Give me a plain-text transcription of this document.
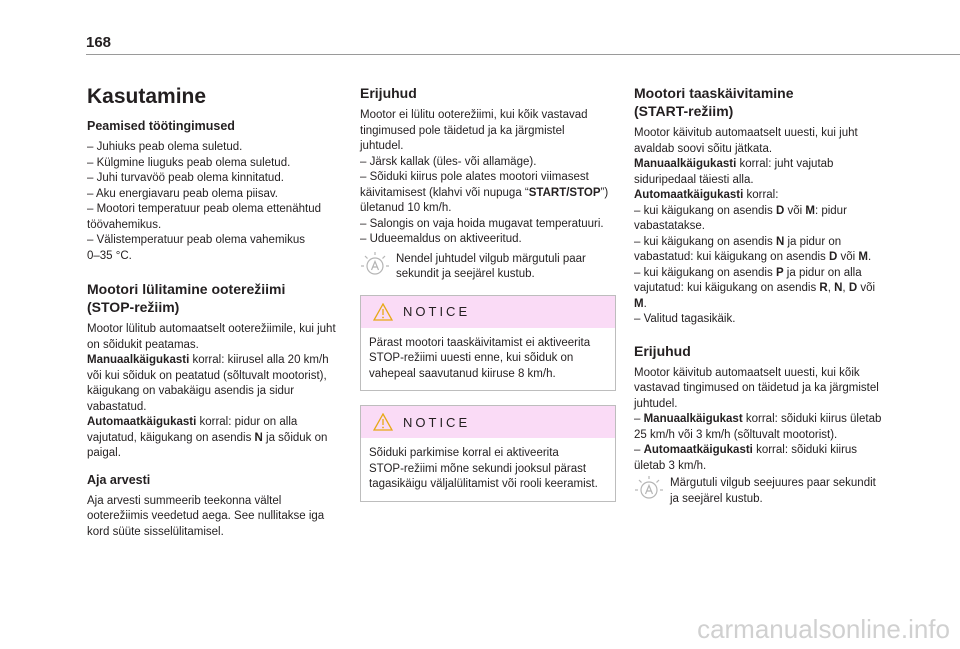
168
Kasutamine
Peamised töötingimused
– Juhiuks peab olema suletud.
– Külgmine liuguks peab olema suletud.
– Juhi turvavöö peab olema kinnitatud.
– Aku energiavaru peab olema piisav.
– Mootori temperatuur peab olema ettenähtud
töövahemikus.
– Välistemperatuur peab olema vahemikus
0–35 °C.
Mootori lülitamine ooterežiimi
(STOP-režiim)
Mootor lülitub automaatselt ooterežiimile, kui juht
on sõidukit peatamas.
Manuaalkäigukasti korral: kiirusel alla 20 km/h
või kui sõiduk on peatatud (sõltuvalt mootorist),
käigukang on vabakäigu asendis ja sidur
vabastatud.
Automaatkäigukasti korral: pidur on alla
vajutatud, käigukang on asendis N ja sõiduk on
paigal.
Aja arvesti
Aja arvesti summeerib teekonna vältel
ooterežiimis veedetud aega. See nullitakse iga
kord süüte sisselülitamisel.
Erijuhud
Mootor ei lülitu ooterežiimi, kui kõik vastavad
tingimused pole täidetud ja ka järgmistel
juhtudel.
– Järsk kallak (üles- või allamäge).
– Sõiduki kiirus pole alates mootori viimasest
käivitamisest (klahvi või nupuga “START/STOP”)
ületanud 10 km/h.
– Salongis on vaja hoida mugavat temperatuuri.
– Udueemaldus on aktiveeritud.
Nendel juhtudel vilgub märgutuli paar
sekundit ja seejärel kustub.
NOTICE
Pärast mootori taaskäivitamist ei aktiveerita
STOP-režiimi uuesti enne, kui sõiduk on
vahepeal saavutanud kiiruse 8 km/h.
NOTICE
Sõiduki parkimise korral ei aktiveerita
STOP-režiimi mõne sekundi jooksul pärast
tagasikäigu väljalülitamist või rooli keeramist.
Mootori taaskäivitamine
(START-režiim)
Mootor käivitub automaatselt uuesti, kui juht
avaldab soovi sõitu jätkata.
Manuaalkäigukasti korral: juht vajutab
siduripedaal täiesti alla.
Automaatkäigukasti korral:
– kui käigukang on asendis D või M: pidur
vabastatakse.
– kui käigukang on asendis N ja pidur on
vabastatud: kui käigukang on asendis D või M.
– kui käigukang on asendis P ja pidur on alla
vajutatud: kui käigukang on asendis R, N, D või
M.
– Valitud tagasikäik.
Erijuhud
Mootor käivitub automaatselt uuesti, kui kõik
vastavad tingimused on täidetud ja ka järgmistel
juhtudel.
– Manuaalkäigukast korral: sõiduki kiirus ületab
25 km/h või 3 km/h (sõltuvalt mootorist).
– Automaatkäigukasti korral: sõiduki kiirus
ületab 3 km/h.
Märgutuli vilgub seejuures paar sekundit
ja seejärel kustub.
carmanualsonline.info
